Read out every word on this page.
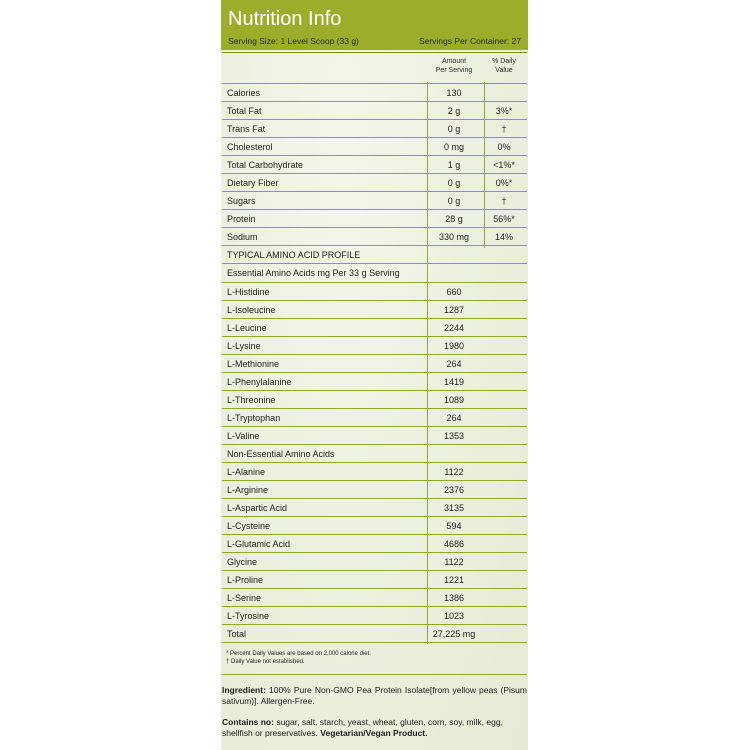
Nutrition Info
Serving Size: 1 Level Scoop (33 g)	Servings Per Container: 27
Amount
Per Serving
% Daily
Value
Calories	130
Total Fat	2 g	3%*
Trans Fat	0 g	†
Cholesterol	0 mg	0%
Total Carbohydrate	1 g	<1%*
Dietary Fiber	0 g	0%*
Sugars	0 g	†
Protein	28 g	56%*
Sodium	330 mg	14%
TYPICAL AMINO ACID PROFILE
Essential Amino Acids mg Per 33 g Serving
L-Histidine	660
L-Isoleucine	1287
L-Leucine	2244
L-Lysine	1980
L-Methionine	264
L-Phenylalanine	1419
L-Threonine	1089
L-Tryptophan	264
L-Valine	1353
Non-Essential Amino Acids
L-Alanine	1122
L-Arginine	2376
L-Aspartic Acid	3135
L-Cysteine	594
L-Glutamic Acid	4686
Glycine	1122
L-Proline	1221
L-Serine	1386
L-Tyrosine	1023
Total	27,225 mg
* Percent Daily Values are based on 2,000 calorie diet.
† Daily Value not established.
Ingredient: 100% Pure Non-GMO Pea Protein Isolate[from yellow peas (Pisum sativum)]. Allergen-Free.
Contains no: sugar, salt, starch, yeast, wheat, gluten, corn, soy, milk, egg, shellfish or preservatives. Vegetarian/Vegan Product.
